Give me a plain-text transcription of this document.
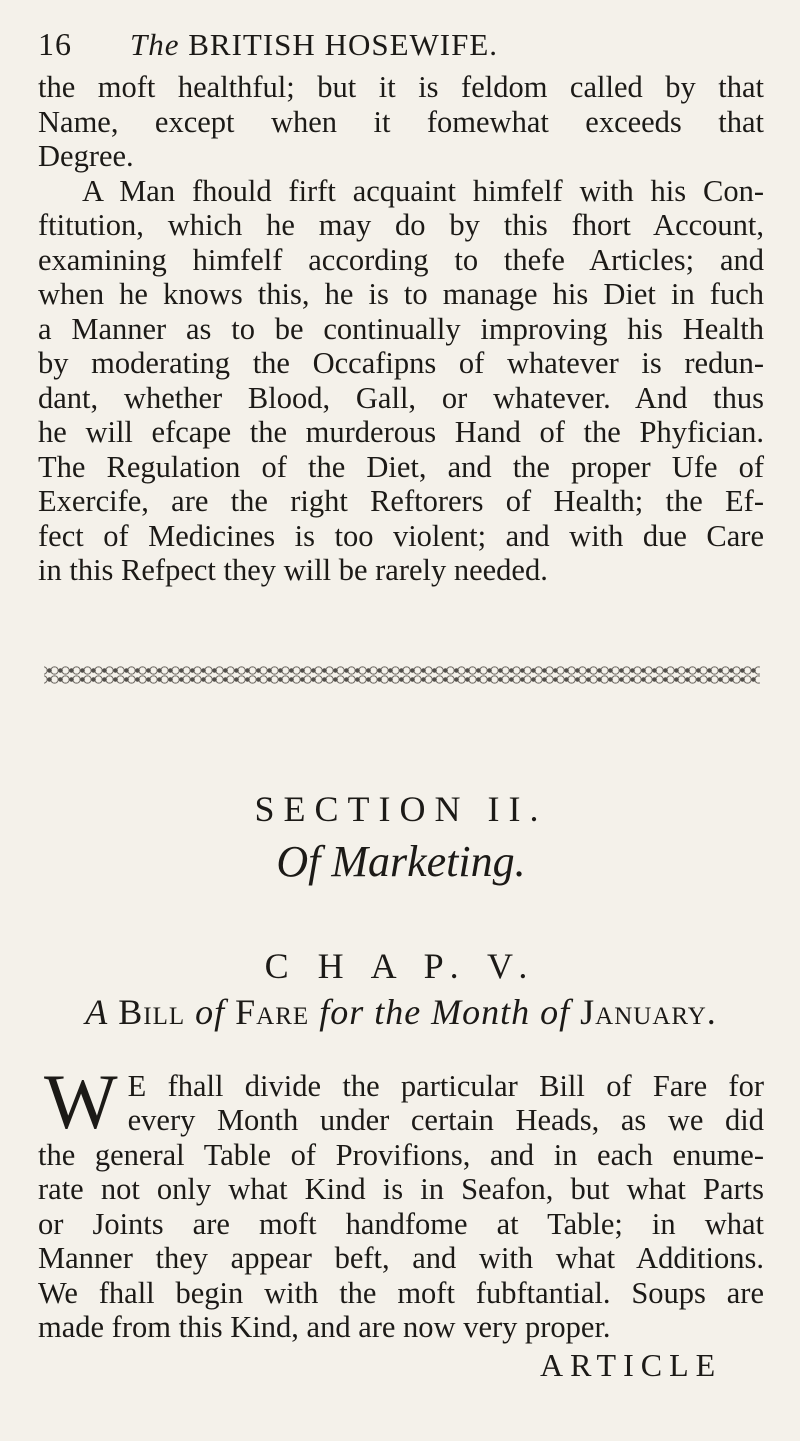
16	The BRITISH HOSEWIFE.
the moft healthful; but it is feldom called by that
Name, except when it fomewhat exceeds that
Degree.
A Man fhould firft acquaint himfelf with his Con-
ftitution, which he may do by this fhort Account,
examining himfelf according to thefe Articles; and
when he knows this, he is to manage his Diet in fuch
a Manner as to be continually improving his Health
by moderating the Occafipns of whatever is redun-
dant, whether Blood, Gall, or whatever. And thus
he will efcape the murderous Hand of the Phyfician.
The Regulation of the Diet, and the proper Ufe of
Exercife, are the right Reftorers of Health; the Ef-
fect of Medicines is too violent; and with due Care
in this Refpect they will be rarely needed.
SECTION II.
Of Marketing.
C H A P. V.
A Bill of Fare for the Month of January.
W E fhall divide the particular Bill of Fare for
every Month under certain Heads, as we did
the general Table of Provifions, and in each enume-
rate not only what Kind is in Seafon, but what Parts
or Joints are moft handfome at Table; in what
Manner they appear beft, and with what Additions.
We fhall begin with the moft fubftantial. Soups are
made from this Kind, and are now very proper.
ARTICLE
